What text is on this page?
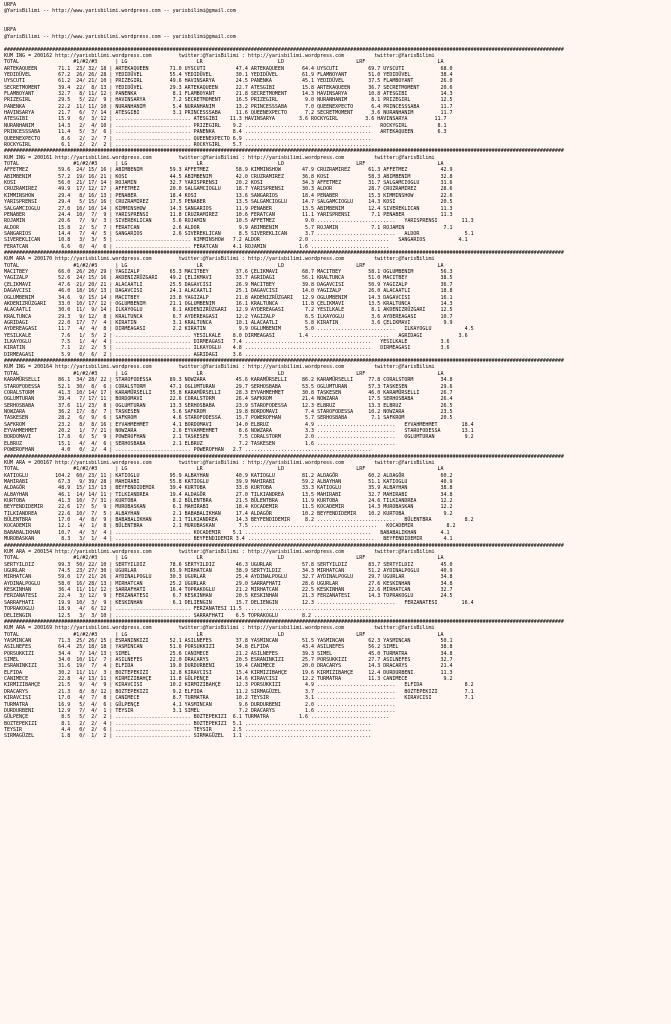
URFA
@YarisBilimi -- http://www.yarisbilimi.wordpress.com -- yarisbilimi@gmail.com
URFA
@YarisBilimi -- http://www.yarisbilimi.wordpress.com -- yarisbilimi@gmail.com
##########################################################################################################################################################################################
KUM ING = 200162 http://yarisbilimi.wordpress.com         twitter:@YarisBilimi : http://yarisbilimi.wordpress.com          twitter:@YarisBilimi
TOTAL                  #1/#2/#3      | LG                       LR                         LD                        LRF                        LA
ARTEKAQUEEN       71.1  23/ 32/ 18 | ARTEKAQUEEN       71.0 UYSCUTI          47.4 ARTEKAQUEEN      64.4 UYSCUTI          69.7 UYSCUTI            68.0
YEDIDÜVEL         67.2  26/ 26/ 28 | YEDIDÜVEL         55.4 YEDIDÜVEL        30.1 YEDIDÜVEL        61.9 FLAMBOYANT       51.0 YEDIDÜVEL          38.4
UYSCUTI           61.2  24/ 21/ 10 | PRIZEGIRL         49.6 HAVINSARYA       24.5 PANENKA          45.1 YEDIDÜVEL        37.5 FLAMBOYANT         26.0
SECRETMOMENT      39.4  22/  8/ 13 | YEDIDÜVEL         29.3 ARTEKAQUEEN      22.7 ATESGIBI         15.8 ARTEKAQUEEN      36.7 SECRETMOMENT       20.6
FLAMBOYANT        32.7   8/ 11/ 12 | PANENKA            8.1 FLAMBOYANT       21.8 SECRETMOMENT     14.3 HAVINSARYA       10.8 ATESGIBI           14.3
PRIZEGIRL         29.5   5/ 22/  9 | HAVINSARYA         7.2 SECRETMOMENT     16.5 PRIZEGIRL         9.0 NURANHANIM        8.1 PRIZEGIRL          12.5
PANENKA           22.2  11/ 11/ 10 | NURANHANIM         5.4 NURANHANIM       13.2 PRINCESSSABA      7.0 QUEENEXPECTO      6.4 PRINCESSSABA       11.7
HAVINSARYA        21.7   6/  7/ 14 | ATESGIBI           3.1 PRINCESSSABA     11.6 QUEENEXPECTO      7.2 SECRETMOMENT      3.6 NURANHANIM         11.7
ATESGIBI          15.9   6/  3/ 12 | ......................... ATESGIBI    11.3 HAVINSARYA        3.6 ROCKYGIRL         3.6 HAVINSARYA         11.7
NURANHANIM        14.3   2/  4/ 10 | ......................... PRIZEGIRL    9.2 ..........................................   ROCKYGIRL          8.1
PRINCESSSABA      11.4   5/  3/  6 | ......................... PANENKA      8.4 ..........................................   ARTEKAQUEEN        6.3
QUEENEXPECTO       8.6   2/  2/  7 | ......................... QUEENEXPECTO 6.9 ..........................................
ROCKYGIRL          6.1   2/  2/  2 | ......................... ROCKYGIRL    5.7 ..........................................
##########################################################################################################################################################################################
KUM ING = 200161 http://yarisbilimi.wordpress.com         twitter:@YarisBilimi : http://yarisbilimi.wordpress.com          twitter:@YarisBilimi
TOTAL                  #1/#2/#3      | LG                       LR                         LD                        LRF                        LA
AFFETMEZ          59.6  24/ 15/ 16 | ABIMBENIM         59.3 AFFETMEZ         58.9 KIMMINSHOW       47.9 CRUZRAMIREZ      61.3 AFFETMEZ           42.9
ABIMBENIM         57.2  19/ 16/ 21 | KOSI              44.5 ABIMBENIM        42.0 CRUZRAMIREZ      36.8 KOSI             58.3 ABIMBENIM          32.8
KOSI              56.0  21/ 17/ 14 | ROJAMIN           32.7 YARISPRENSI      20.2 KOSI             34.3 AFFETMEZ         31.7 SALGAMCIOGLU       31.6
CRUZRAMIREZ       49.9  17/ 12/ 17 | AFFETMEZ          20.0 SALGAMCIOGLU     18.7 YARISPRENSI      30.3 ALDOR            28.7 CRUZRAMIREZ        28.6
KIMMINSHOW        29.4   8/ 16/ 13 | PENABER           18.4 KOSI             13.6 SANGARIOS        18.4 PENABER          15.3 KIMMINSHOW         22.6
YARISPRENSI       29.4   5/ 15/ 16 | CRUZRAMIREZ       17.5 PENABER          13.5 SALGAMCIOGLU     14.7 SALGAMCIOGLU     14.3 KOSI               20.5
SALGAMCIOGLU      27.0  10/ 10/ 14 | KIMMINSHOW        14.3 SANGARIOS        11.9 PENABER          13.5 ABIMBENIM        12.4 SIVEREKLICAN       11.3
PENABER           24.4  10/  7/  9 | YARISPRENSI       11.8 CRUZRAMIREZ      10.6 FERATCAN         11.1 YARISPRENSI       7.1 PENABER            11.3
ROJAMIN           20.6   7/  9/  3 | SIVEREKLICAN       5.6 ROJAMIN          10.5 AFFETMEZ          9.0 ..........................   YARISPRENSI        11.3
ALDOR             15.8   2/  5/  7 | FERATCAN           2.6 ALDOR             9.9 ABIMBENIM         5.7 ROJAMIN           7.1 ROJAMIN             7.1
SANGARIOS         14.4   7/  4/  5 | SANGARIOS          2.6 SIVEREKLICAN      8.5 SIVEREKLICAN      3.7 ..........................   ALDOR               5.1
SIVEREKLICAN      10.8   3/  3/  5 | ......................... KIMMINSHOW   7.2 ALDOR             2.0 ..........................   SANGARIOS           4.1
FERATCAN           6.6   0/  4/  6 | ......................... FERATCAN     4.1 ROJAMIN           1.6 ..........................
##########################################################################################################################################################################################
KUM ARA = 200170 http://yarisbilimi.wordpress.com         twitter:@YarisBilimi : http://yarisbilimi.wordpress.com          twitter:@YarisBilimi
TOTAL                  #1/#2/#3      | LG                       LR                         LD                        LRF                        LA
MACITBEY          66.0  26/ 20/ 29 | YAGIZALP          65.3 MACITBEY         37.6 ÇELIKMAVI        68.7 MACITBEY         58.1 OGLUMBENIM         56.3
YAGIZALP          52.6  24/ 15/ 16 | AKDENIZRÜZGARI    49.2 ÇELIKMAVI        33.7 AGRIDAGI         56.1 KRALTUNCA        51.0 MACITBEY           38.5
ÇELIKMAVI         47.6  21/ 20/ 21 | ALACAATLI         25.5 DAGAVCISI        26.9 MACITBEY         39.8 DAGAVCISI        50.9 YAGIZALP           36.7
DAGAVCISI         46.0  18/ 16/ 13 | DAGAVCISI         24.1 ALACAATLI        25.1 DAGAVCISI        14.0 YAGIZALP         26.0 ALACAATLI          18.8
OGLUMBENIM        34.6   9/ 15/ 14 | MACITBEY          23.8 YAGIZALP         21.8 AKDENIZRÜZGARI   12.9 OGLUMBENIM       14.3 DAGAVCISI          16.1
AKDENIZRÜZGARI    33.0  10/ 17/ 12 | OGLUMBENIM        21.1 OGLUMBENIM       16.1 KRALTUNCA        11.8 ÇELIKMAVI        13.5 KRALTUNCA          14.3
ALACAATLI         30.0  11/  9/ 14 | ILKAYOGLU          8.1 AKDENIZRÜZGARI   12.9 AYDEREAGASI       7.2 YESILKALE         8.1 AKDENIZRÜZGARI     12.5
KRALTUNCA         29.3   9/ 12/  8 | KRALTUNCA          6.7 AYDEREAGASI      12.2 YAGIZALP          6.5 ILKAYOGLU         3.6 AYDEREAGASI        10.7
AGRIDAGI          22.0  17/  7/  4 | KIRATIN            3.1 KRALTUNCA        10.1 ALACAATLI         5.8 KIRATIN           3.6 ÇELIKMAVI           9.9
AYDEREAGASI       11.7   4/  4/  8 | DIRMEAGASI         2.2 KIRATIN           9.9 OGLUMBENIM        5.0 ..........................   ILKAYOGLU           4.5
YESILKALE          7.6   1/  5/  2 | ......................... YESILKALE    8.0 DIRMEAGASI        1.4 ..........................   AGRIDAGI            3.6
ILKAYOGLU          7.5   1/  4/  4 | ......................... DIRMEAGASI   7.4 ..........................................   YESILKALE           3.6
KIRATIN            7.1   2/  2/  5 | ......................... ILKAYOGLU    4.8 ..........................................   DIRMEAGASI          3.6
DIRMEAGASI         5.9   0/  6/  2 | ......................... AGRIDAGI     3.6 ..........................................
##########################################################################################################################################################################################
KUM ING = 200164 http://yarisbilimi.wordpress.com         twitter:@YarisBilimi : http://yarisbilimi.wordpress.com          twitter:@YarisBilimi
TOTAL                  #1/#2/#3      | LG                       LR                         LD                        LRF                        LA
KARAMÜRSELLI      86.1  34/ 28/ 22 | STAROFODESSA      89.3 NOWZARA          45.6 KARAMÜRSELLI     86.2 KARAMÜRSELLI     77.8 CORALSTORM         34.8
STAROFODESSA      52.1  30/  8/  6 | CORALSTORM        47.1 OGLUMTURAN       29.7 SERHOSBABA       53.5 OGLUMTURAN       57.3 TASKESEN           29.6
CORALSTORM        41.3  10/ 14/ 17 | KARAMÜRSELLI      35.8 KARAMÜRSELLI     28.3 EYVAHMEHMET      30.8 TASKESEN         46.0 KARAMÜRSELLI       26.7
OGLUMTURAN        39.4   7/ 17/ 11 | BORDOMAVI         22.6 CORALSTORM       26.4 SAFKROM          21.4 NOWZARA          17.5 SERHOSBABA         26.4
SERHOSBABA        37.6  11/ 23/  8 | OGLUMTURAN        13.3 SERHOSBABA       23.9 STAROFODESSA     12.3 ELBRUZ           13.3 ELBRUZ             26.5
NOWZARA           36.2  17/  8/  7 | TASKESEN           5.6 SAFKROM          19.8 BORDOMAVI         7.4 STAROFODESSA     10.2 NOWZARA            23.5
TASKESEN          28.2   6/  9/  6 | SAFKROM            4.6 STAROFODESSA     15.7 POWEROFHAN        5.7 SERHOSBABA        7.1 SAFKROM            20.5
SAFKROM           23.2   8/  8/ 16 | EYVAHMEHMET        4.1 BORDOMAVI        14.0 ELBRUZ            4.9 ..........................   EYVAHMEHMET        18.4
EYVAHMEHMET       20.2   1/  7/ 21 | NOWZARA            2.6 EYVAHMEHMET       8.6 NOWZARA           3.3 ..........................   STAROFODESSA       13.1
BORDOMAVI         17.8   6/  5/  9 | POWEROFHAN         2.1 TASKESEN          7.5 CORALSTORM        2.0 ..........................   OGLUMTURAN          9.2
ELBRUZ            15.1   4/  4/  6 | SERHOSBABA         2.1 ELBRUZ            7.2 TASKESEN          1.6 ..........................
POWEROFHAN         4.0   0/  2/  4 | ......................... POWEROFHAN   2.7 ..........................................
##########################################################################################################################################################################################
KUM ARA = 200167 http://yarisbilimi.wordpress.com         twitter:@YarisBilimi : http://yarisbilimi.wordpress.com          twitter:@YarisBilimi
TOTAL                  #1/#2/#3      | LG                       LR                         LD                        LRF                        LA
KATIOGLU         104.2  60/ 23/ 11 | KATIOGLU          95.9 ALBAYHAN         40.9 KATIOGLU         81.2 ALDAGÖR          60.2 ALDAGÖR            60.2
MAHIRABI          67.3   9/ 39/ 28 | MAHIRABI          55.8 KATIOGLU         39.9 MAHIRABI         59.2 ALBAYHAN         51.1 KATIOGLU           40.9
ALDAGÖR           48.9  15/ 13/ 13 | BEYFENDIDEMIR     39.4 KURTOBA          33.8 KURTOBA          33.3 KATIOGLU         35.9 ALBAYHAN           38.8
ALBAYHAN          46.1  14/ 14/ 11 | TILKIANDREA       19.4 ALDAGÖR          27.0 TILKIANDREA      13.5 MAHIRABI         32.7 MAHIRABI           34.8
KURTOBA           41.3  10/  7/ 31 | KURTOBA            8.2 BÜLENTBRA        21.5 BÜLENTBRA        11.9 KURTOBA          24.6 TILKIANDREA        12.2
BEYFENDIDEMIR     22.6  17/  5/  9 | MUROBASKAN         6.1 MAHIRABI         18.4 KOCADEMIR        11.5 KOCADEMIR        14.3 MUROBASKAN         12.2
TILKIANDREA       22.6  10/  7/  5 | ALBAYHAN           2.1 BABABALIKHAN     17.4 ALDAGÖR          10.2 BEYFENDIDEMIR    10.2 KURTOBA             9.2
BÜLENTBRA         17.0   4/  8/  9 | BABABALIKHAN       2.1 TILKIANDREA      14.3 BEYFENDIDEMIR     8.2 ..........................   BÜLENTBRA           8.2
KOCADEMIR         12.1   4/  1/  8 | BÜLENTBRA          2.1 MUROBASKAN        7.5 ..........................................   KOCADEMIR           8.2
BABABALIKHAN      10.7   4/  3/  4 | ......................... KOCADEMIR    5.1 ..........................................   BABABALIKHAN        4.1
MUROBASKAN         8.3   3/  1/  4 | ......................... BEYFENDIDEMIR 3.4 ..........................................   BEYFENDIDEMIR       4.1
##########################################################################################################################################################################################
KUM ARA = 200154 http://yarisbilimi.wordpress.com         twitter:@YarisBilimi : http://yarisbilimi.wordpress.com          twitter:@YarisBilimi
TOTAL                  #1/#2/#3      | LG                       LR                         LD                        LRF                        LA
SERTYILDIZ        99.3  50/ 22/ 10 | SERTYILDIZ        78.6 SERTYILDIZ       46.3 UGURLAR          57.8 SERTYILDIZ       83.7 SERTYILDIZ         45.0
UGURLAR           74.5  23/ 27/ 30 | UGURLAR           65.9 MIRHATCAN        38.9 SERTYILDIZ       34.3 MIRHATCAN        51.2 AYDINALPOGLU       40.9
MIRHATCAN         59.0  17/ 21/ 26 | AYDINALPOGLU      30.3 UGURLAR          25.4 AYDINALPOGLU     32.7 AYDINALPOGLU     29.7 UGURLAR            34.8
AYDINALPOGLU      58.0  16/ 28/ 13 | MIRHATCAN         25.2 UGURLAR          29.0 SARRAFHATI       28.6 UGURLAR          27.6 KESKINHAN          34.8
KESKINHAN         36.4  11/ 11/ 12 | SARRAFHATI        16.4 TOPRAKOGLU       21.2 MIRHATCAN        22.5 KESKINHAN        22.6 MIRHATCAN          32.7
FERZANATESI       22.4   3/ 12/  9 | FERZANATESI        6.7 KESKINHAN        20.5 KESKINHAN        21.3 FERZANATESI      14.3 TOPRAKOGLU         24.5
SARRAFHATI        19.9  10/  3/  9 | KESKINHAN          6.1 DELIENGIN        15.7 DELIENGIN        12.3 ..........................   FERZANATESI        16.4
TOPRAKOGLU        18.9   4/  6/ 12 | ......................... FERZANATESI 11.5 ..........................................
DELIENGIN         12.5   3/  3/ 10 | ......................... SARRAFHATI    6.5 TOPRAKOGLU        8.2 ..........................
##########################################################################################################################################################################################
KUM ARA = 200169 http://yarisbilimi.wordpress.com         twitter:@YarisBilimi : http://yarisbilimi.wordpress.com          twitter:@YarisBilimi
TOTAL                  #1/#2/#3      | LG                       LR                         LD                        LRF                        LA
YASMINCAN         71.3  25/ 26/ 15 | ESRANINKIZI       52.1 ASILNEFES        37.8 YASMINCAN        51.5 YASMINCAN        62.3 YASMINCAN          50.1
ASILNEFES         64.4  25/ 18/ 18 | YASMINCAN         51.6 PORSUKKIZI       34.8 ELFIDA           43.4 ASILNEFES        56.2 SIMEL              38.8
PORSUKKIZI        34.4   7/ 14/ 13 | SIMEL             25.6 CANIMECE         21.2 ASILNEFES        39.3 SIMEL            45.0 TURMATRA           34.8
SIMEL             34.0  10/ 11/  7 | ASILNEFES         22.0 DRACARYS         20.5 ESRANINKIZI      25.7 PORSUKKIZI       27.7 ASILNEFES          32.7
ESRANINKIZI       31.6  19/  7/  4 | ELFIDA            19.0 DURDURBENI       19.4 CANIMECE         20.0 DRACARYS         14.3 DRACARYS           21.4
ELFIDA            30.2  11/ 11/  3 | BOZTEPEKIZI       12.8 KIRAVCISI        15.4 KIRMIZIBAHÇE     19.6 KIRMIZIBAHÇE     12.4 DURDURBENI         11.3
CANIMECE          22.8   4/ 13/ 11 | KIRMIZIBAHÇE      11.8 GÜLPENÇE         14.6 KIRAVCISI        12.2 TURMATRA         11.3 CANIMECE            9.2
KIRMIZIBAHÇE      21.5   9/  4/  9 | KIRAVCISI         10.2 KIRMIZIBAHÇE     12.3 PORSUKKIZI        4.9 ..........................   ELFIDA              8.2
DRACARYS          21.3   8/  8/ 12 | BOZTEPEKIZI        9.2 ELFIDA           11.2 SIRMAGÜZEL        3.7 ..........................   BOZTEPEKIZI         7.1
KIRAVCISI         17.0   4/  7/  8 | CANIMECE           8.7 TURMATRA         10.2 TEYSIR            3.1 ..........................   KIRAVCISI           7.1
TURMATRA          16.9   5/  4/  6 | GÜLPENÇE           4.1 YASMINCAN         9.6 DURDURBENI        2.0 ..........................
DURDURBENI        12.9   7/  4/  1 | TEYSIR             3.1 SIMEL             7.2 DRACARYS          1.6 ..........................
GÜLPENÇE           8.5   5/  2/  2 | ......................... BOZTEPEKIZI  6.1 TURMATRA          1.6 ..........................
BOZTEPEKIZI        8.1   2/  2/  4 | ......................... BOZTEPEKIZI  5.1 ..........................................
TEYSIR             4.4   0/  2/  6 | ......................... TEYSIR       2.5 ..........................................
SIRMAGÜZEL         1.8   0/  1/  2 | ......................... SIRMAGÜZEL   1.1 ..........................................
